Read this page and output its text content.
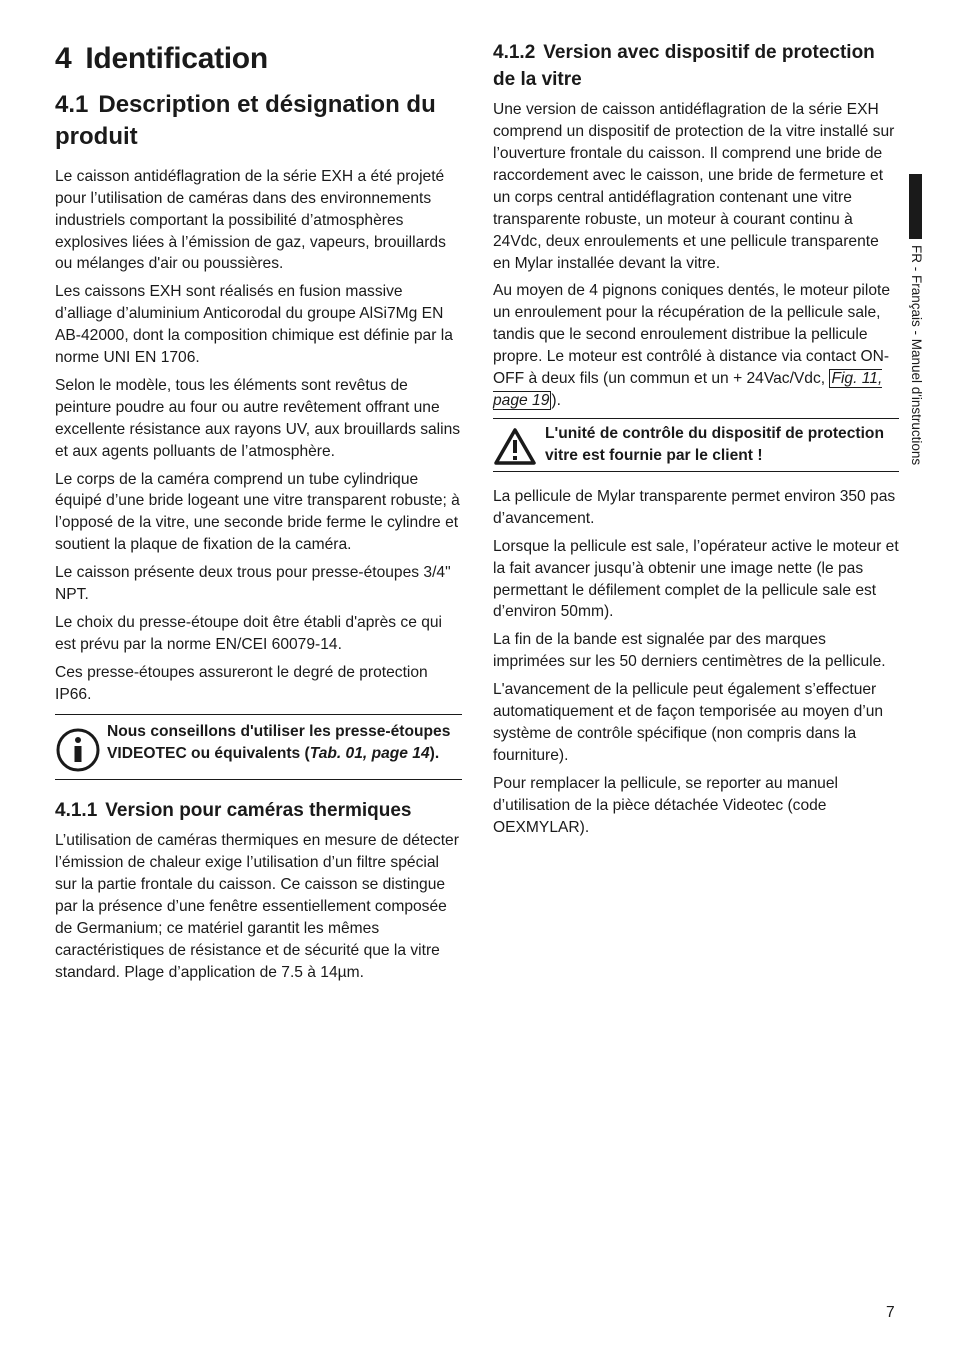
4 Identification
4.1 Description et désignation du produit

Le caisson antidéflagration de la série EXH a été projeté pour l’utilisation de caméras dans des environnements industriels comportant la possibilité d’atmosphères explosives liées à l’émission de gaz, vapeurs, brouillards ou mélanges d'air ou poussières.

Les caissons EXH sont réalisés en fusion massive d’alliage d’aluminium Anticorodal du groupe AlSi7Mg EN AB-42000, dont la composition chimique est définie par la norme UNI EN 1706.

Selon le modèle, tous les éléments sont revêtus de peinture poudre au four ou autre revêtement offrant une excellente résistance aux rayons UV, aux brouillards salins et aux agents polluants de l’atmosphère.

Le corps de la caméra comprend un tube cylindrique équipé d’une bride logeant une vitre transparent robuste; à l’opposé de la vitre, une seconde bride ferme le cylindre et soutient la plaque de fixation de la caméra.

Le caisson présente deux trous pour presse-étoupes 3/4" NPT.

Le choix du presse-étoupe doit être établi d'après ce qui est prévu par la norme EN/CEI 60079-14.

Ces presse-étoupes assureront le degré de protection IP66.

Nous conseillons d'utiliser les presse-étoupes VIDEOTEC ou équivalents (Tab. 01, page 14).
4.1.1 Version pour caméras thermiques

L’utilisation de caméras thermiques en mesure de détecter l’émission de chaleur exige l’utilisation d’un filtre spécial sur la partie frontale du caisson. Ce caisson se distingue par la présence d’une fenêtre essentiellement composée de Germanium; ce matériel garantit les mêmes caractéristiques de résistance et de sécurité que la vitre standard. Plage d’application de 7.5 à 14µm.

4.1.2 Version avec dispositif de protection de la vitre

Une version de caisson antidéflagration de la série EXH comprend un dispositif de protection de la vitre installé sur l’ouverture frontale du caisson. Il comprend une bride de raccordement avec le caisson, une bride de fermeture et un corps central antidéflagration contenant une vitre transparente robuste, un moteur à courant continu à 24Vdc, deux enroulements et une pellicule transparente en Mylar installée devant la vitre.

Au moyen de 4 pignons coniques dentés, le moteur pilote un enroulement pour la récupération de la pellicule sale, tandis que le second enroulement distribue la pellicule propre. Le moteur est contrôlé à distance via contact ON-OFF à deux fils (un commun et un + 24Vac/Vdc, Fig. 11, page 19 ).

L'unité de contrôle du dispositif de protection vitre est fournie par le client !

La pellicule de Mylar transparente permet environ 350 pas d’avancement.

Lorsque la pellicule est sale, l’opérateur active le moteur et la fait avancer jusqu’à obtenir une image nette (le pas permettant le défilement complet de la pellicule sale est d’environ 50mm).

La fin de la bande est signalée par des marques imprimées sur les 50 derniers centimètres de la pellicule.

L'avancement de la pellicule peut également s’effectuer automatiquement et de façon temporisée au moyen d’un système de contrôle spécifique (non compris dans la fourniture).

Pour remplacer la pellicule, se reporter au manuel d’utilisation de la pièce détachée Videotec (code OEXMYLAR).

FR - Français - Manuel d'instructions
7
